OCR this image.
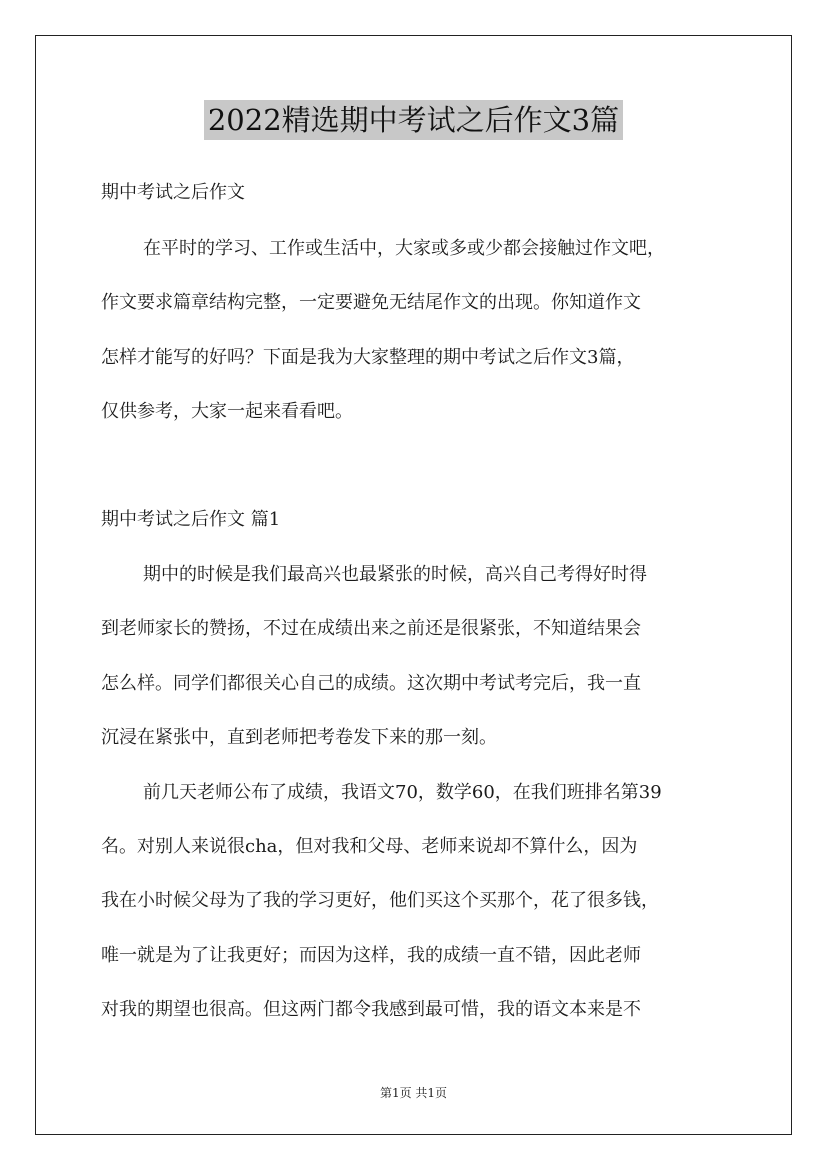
2022精选期中考试之后作文3篇
期中考试之后作文
在平时的学习、工作或生活中，大家或多或少都会接触过作文吧，
作文要求篇章结构完整，一定要避免无结尾作文的出现。你知道作文
怎样才能写的好吗？下面是我为大家整理的期中考试之后作文3篇，
仅供参考，大家一起来看看吧。
期中考试之后作文 篇1
期中的时候是我们最高兴也最紧张的时候，高兴自己考得好时得
到老师家长的赞扬，不过在成绩出来之前还是很紧张，不知道结果会
怎么样。同学们都很关心自己的成绩。这次期中考试考完后，我一直
沉浸在紧张中，直到老师把考卷发下来的那一刻。
前几天老师公布了成绩，我语文70，数学60，在我们班排名第39
名。对别人来说很cha，但对我和父母、老师来说却不算什么，因为
我在小时候父母为了我的学习更好，他们买这个买那个，花了很多钱，
唯一就是为了让我更好；而因为这样，我的成绩一直不错，因此老师
对我的期望也很高。但这两门都令我感到最可惜，我的语文本来是不
第1页 共1页
